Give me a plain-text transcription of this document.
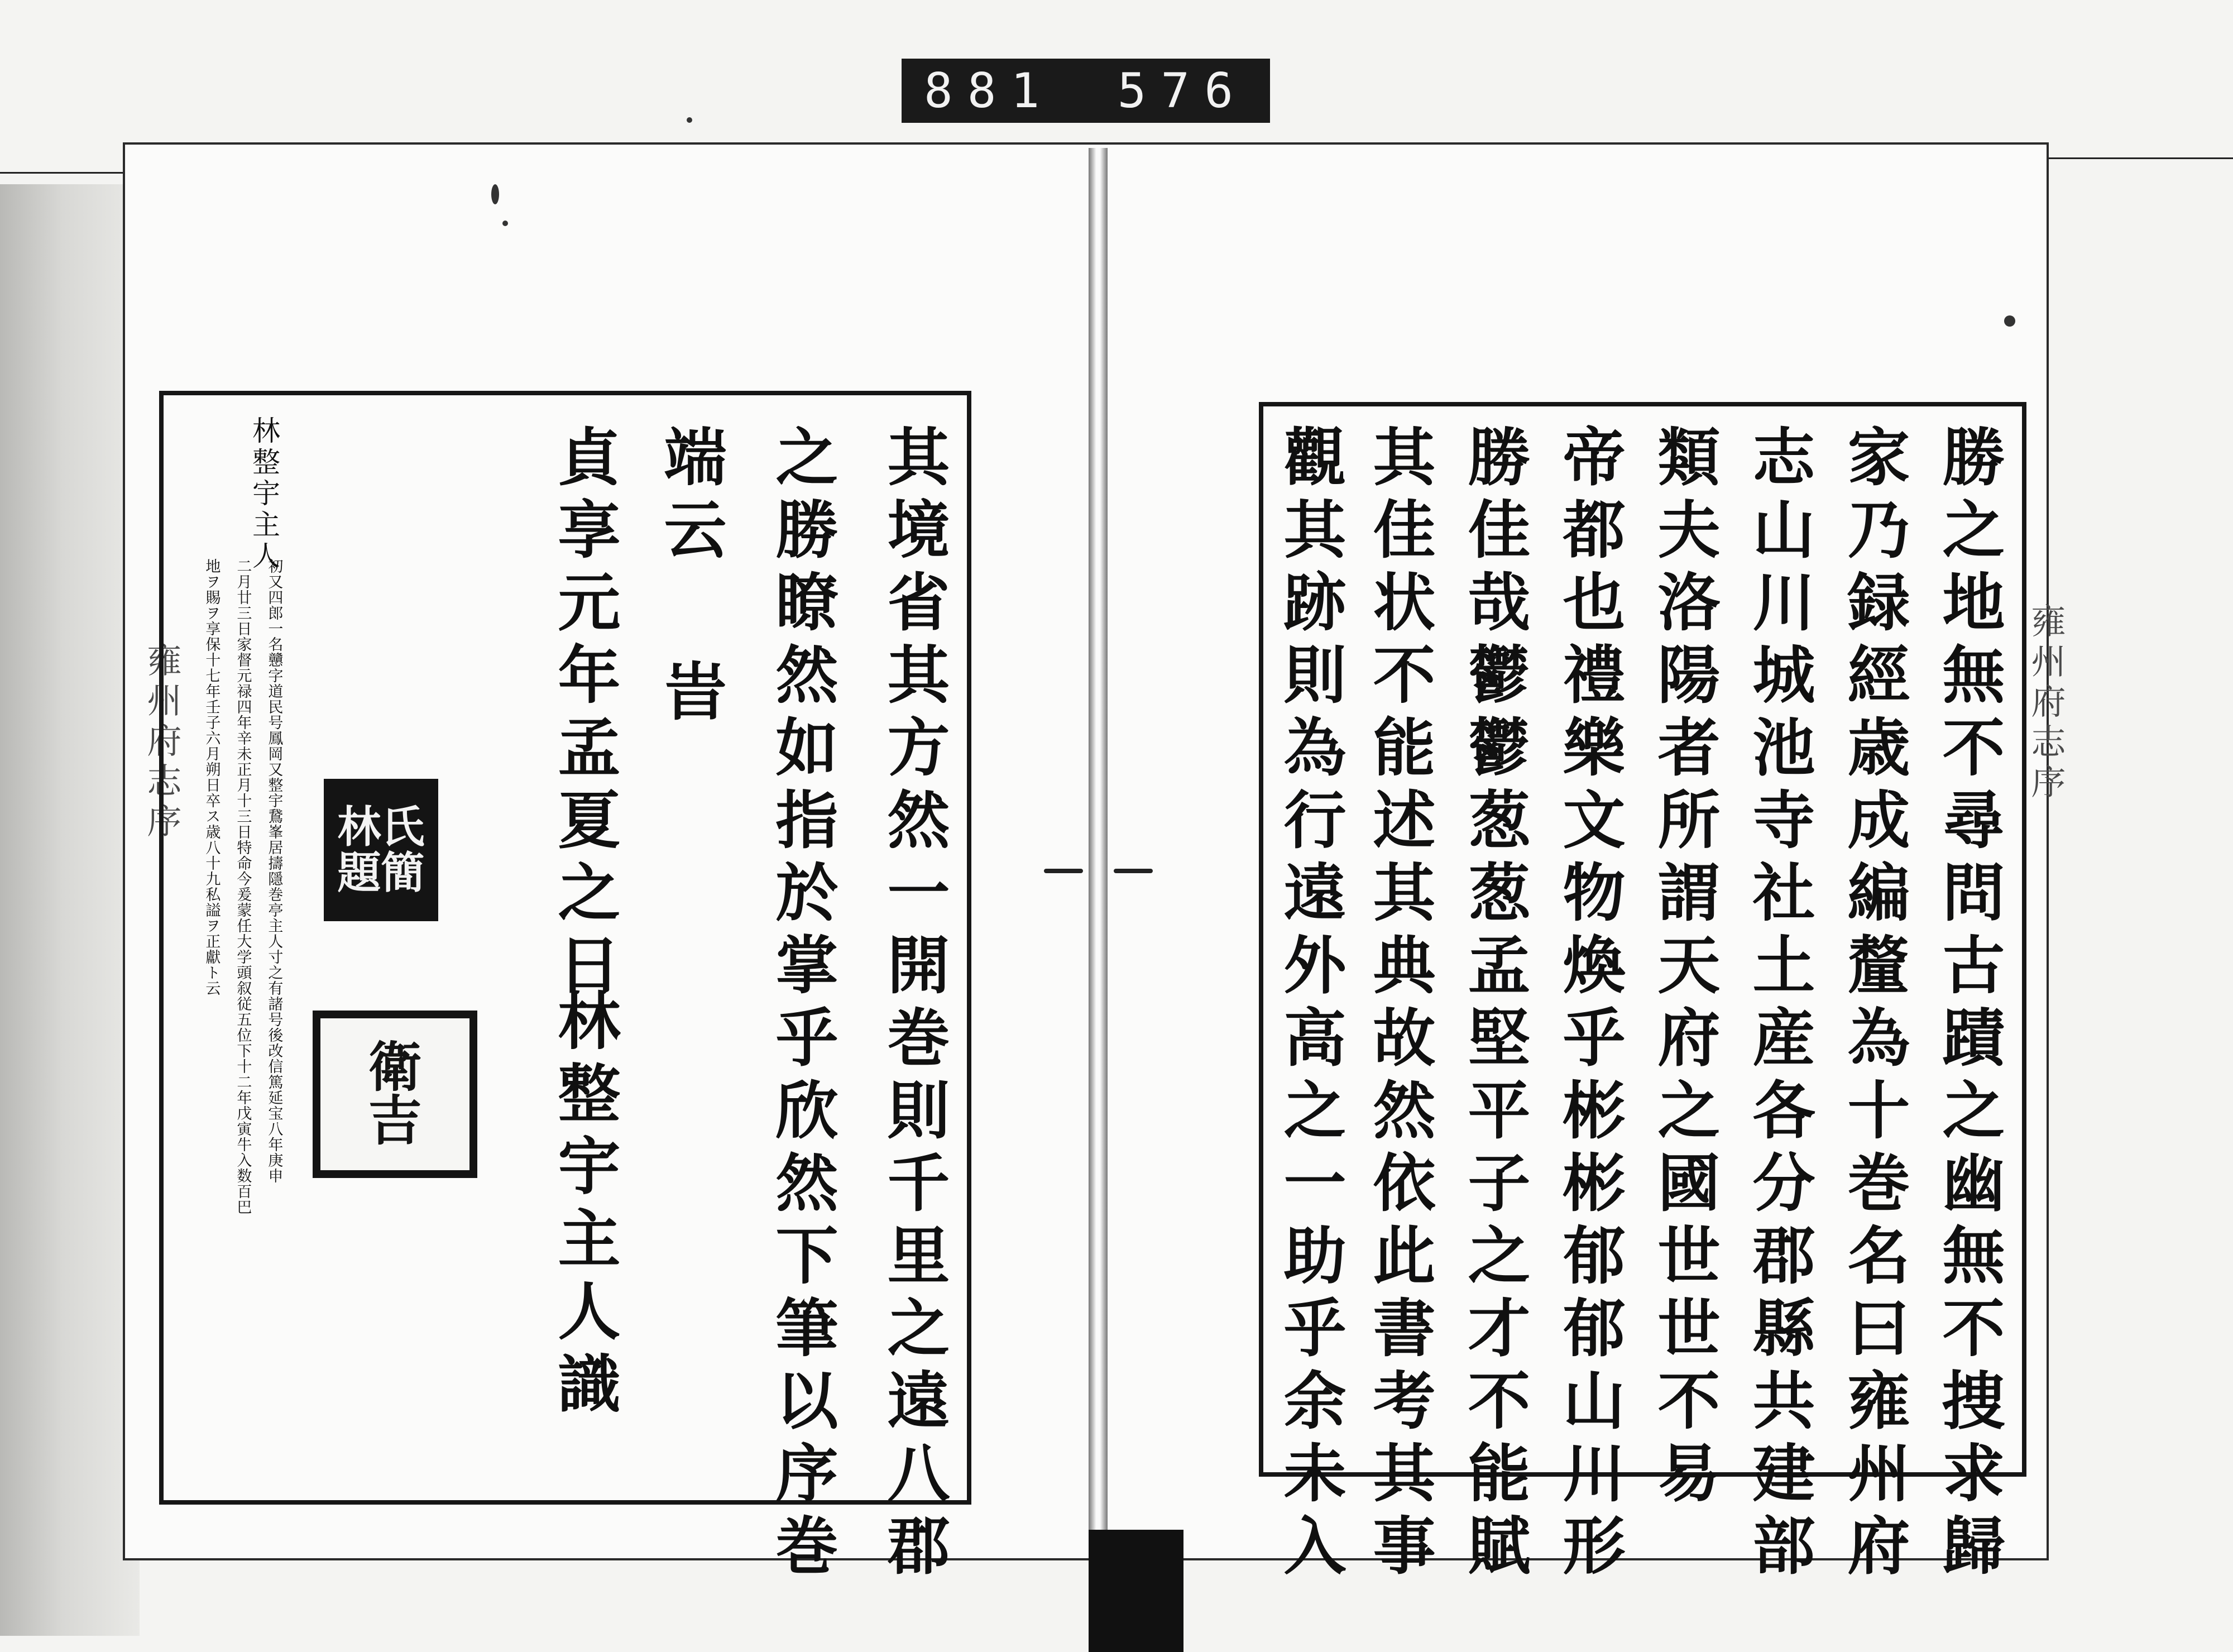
881 576
雍州府志序	雍州府志序
其境省其方然一開巻則千里之遠八郡
之勝瞭然如指於掌乎欣然下筆以序巻
端云
旹
貞享元年孟夏之日
林整宇主人識
林整宇主人
初又四郎一名戇字道民号鳳岡又整宇鵞峯居擣隱巻亭主人寸之有諸号後改信篤延宝八年庚申
二月廿三日家督元禄四年辛未正月十三日特命今爰蒙任大学頭叙従五位下十二年戊寅牛入数百巴
地ヲ賜ヲ享保十七年壬子六月朔日卒ス歳八十九私謚ヲ正獻ト云	林氏
題簡
衛
吉	勝之地無不尋問古蹟之幽無不捜求歸
家乃録經歳成編釐為十巻名曰雍州府
志山川城池寺社土産各分郡縣共建部
類夫洛陽者所謂天府之國世世不易
帝都也禮樂文物煥乎彬彬郁郁山川形
勝佳哉鬱鬱葱葱孟堅平子之才不能賦
其佳状不能述其典故然依此書考其事
觀其跡則為行遠外高之一助乎余未入
